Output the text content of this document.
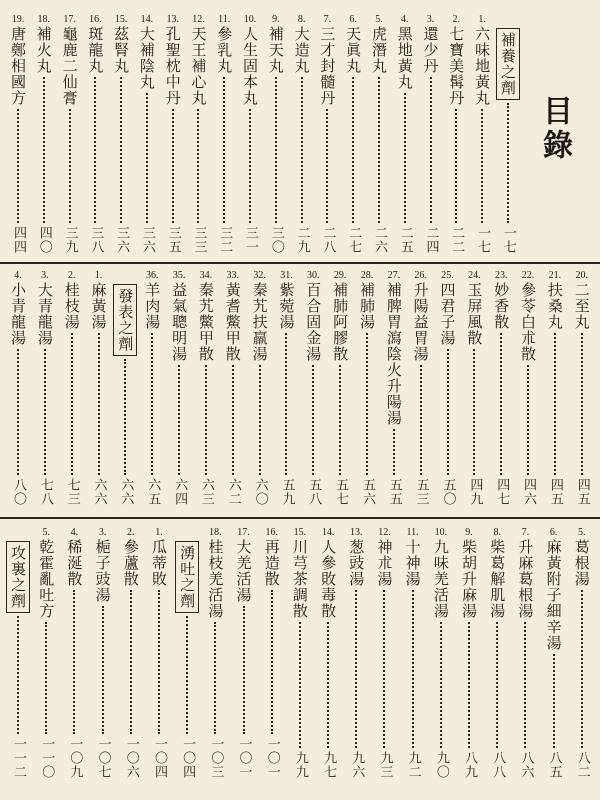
目錄
補養之劑
一七
1.
六味地黃丸
一七
2.
七寶美髯丹
二二
3.
還少丹
二四
4.
黑地黃丸
二五
5.
虎潛丸
二六
6.
天眞丸
二七
7.
三才封髓丹
二八
8.
大造丸
二九
9.
補天丸
三〇
10.
人生固本丸
三一
11.
參乳丸
三二
12.
天王補心丸
三三
13.
孔聖枕中丹
三五
14.
大補陰丸
三六
15.
茲腎丸
三六
16.
斑龍丸
三八
17.
龜鹿二仙膏
三九
18.
補火丸
四〇
19.
唐鄭相國方
四四
20.
二至丸
四五
21.
扶桑丸
四五
22.
參苓白朮散
四六
23.
妙香散
四七
24.
玉屏風散
四九
25.
四君子湯
五〇
26.
升陽益胃湯
五三
27.
補脾胃瀉陰火升陽湯
五五
28.
補肺湯
五六
29.
補肺阿膠散
五七
30.
百合固金湯
五八
31.
紫菀湯
五九
32.
秦艽扶羸湯
六〇
33.
黃耆鱉甲散
六二
34.
秦艽鱉甲散
六三
35.
益氣聰明湯
六四
36.
羊肉湯
六五
發表之劑
六六
1.
麻黃湯
六六
2.
桂枝湯
七三
3.
大青龍湯
七八
4.
小青龍湯
八〇
5.
葛根湯
八二
6.
麻黃附子細辛湯
八五
7.
升麻葛根湯
八六
8.
柴葛解肌湯
八八
9.
柴胡升麻湯
八九
10.
九味羌活湯
九〇
11.
十神湯
九二
12.
神朮湯
九三
13.
葱豉湯
九六
14.
人參敗毒散
九七
15.
川芎茶調散
九九
16.
再造散
一〇一
17.
大羌活湯
一〇一
18.
桂枝羌活湯
一〇三
湧吐之劑
一〇四
1.
瓜蒂敗
一〇四
2.
參蘆散
一〇六
3.
梔子豉湯
一〇七
4.
稀涎散
一〇九
5.
乾霍亂吐方
一一〇
攻裏之劑
一一二
